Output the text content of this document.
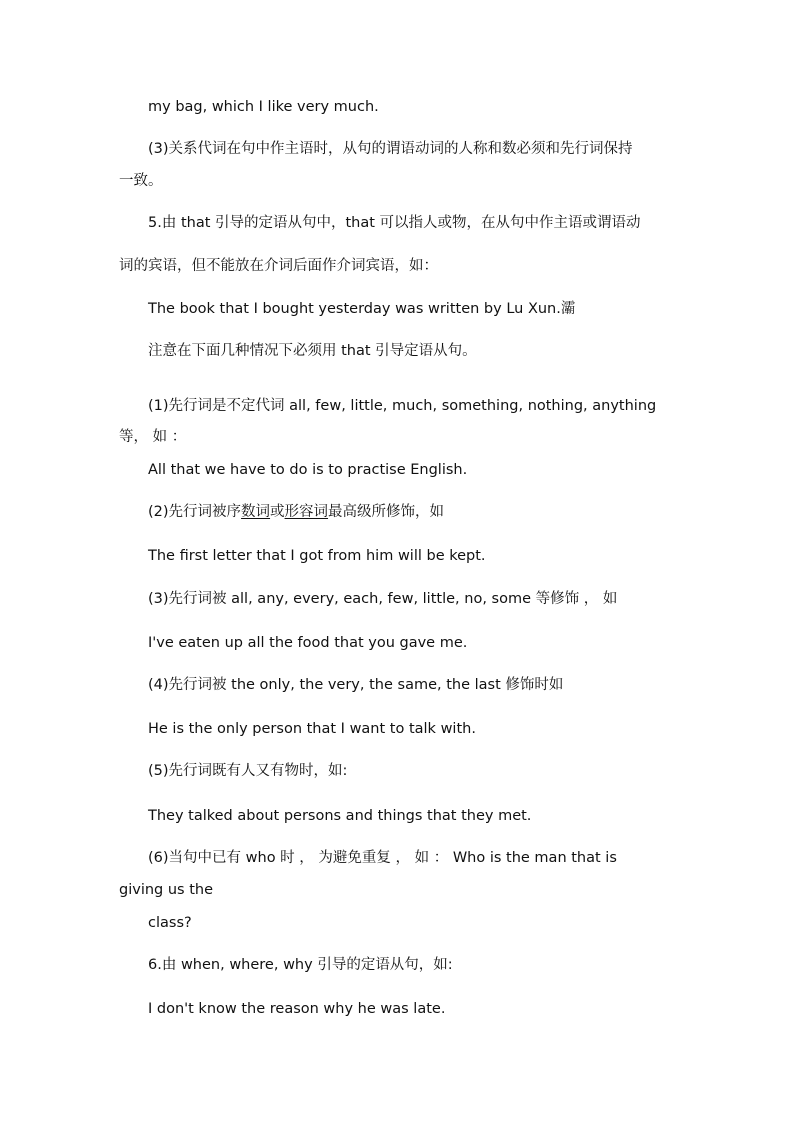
my bag, which I like very much.

(3)关系代词在句中作主语时，从句的谓语动词的人称和数必须和先行词保持

一致。

5.由 that 引导的定语从句中，that 可以指人或物，在从句中作主语或谓语动

词的宾语，但不能放在介词后面作介词宾语，如：

The book that I bought yesterday was written by Lu Xun.灞

注意在下面几种情况下必须用 that 引导定语从句。

(1)先行词是不定代词 all, few, little, much, something, nothing, anything

等， 如 ：

All that we have to do is to practise English.

(2)先行词被序数词或形容词最高级所修饰，如

The first letter that I got from him will be kept.

(3)先行词被 all, any, every, each, few, little, no, some 等修饰 ， 如

I've eaten up all the food that you gave me.

(4)先行词被 the only, the very, the same, the last 修饰时如

He is the only person that I want to talk with.

(5)先行词既有人又有物时，如:

They talked about persons and things that they met.

(6)当句中已有 who 时 ， 为避免重复 ， 如 ： Who is the man that is

giving us the

class?

6.由 when, where, why 引导的定语从句，如:

I don't know the reason why he was late.
